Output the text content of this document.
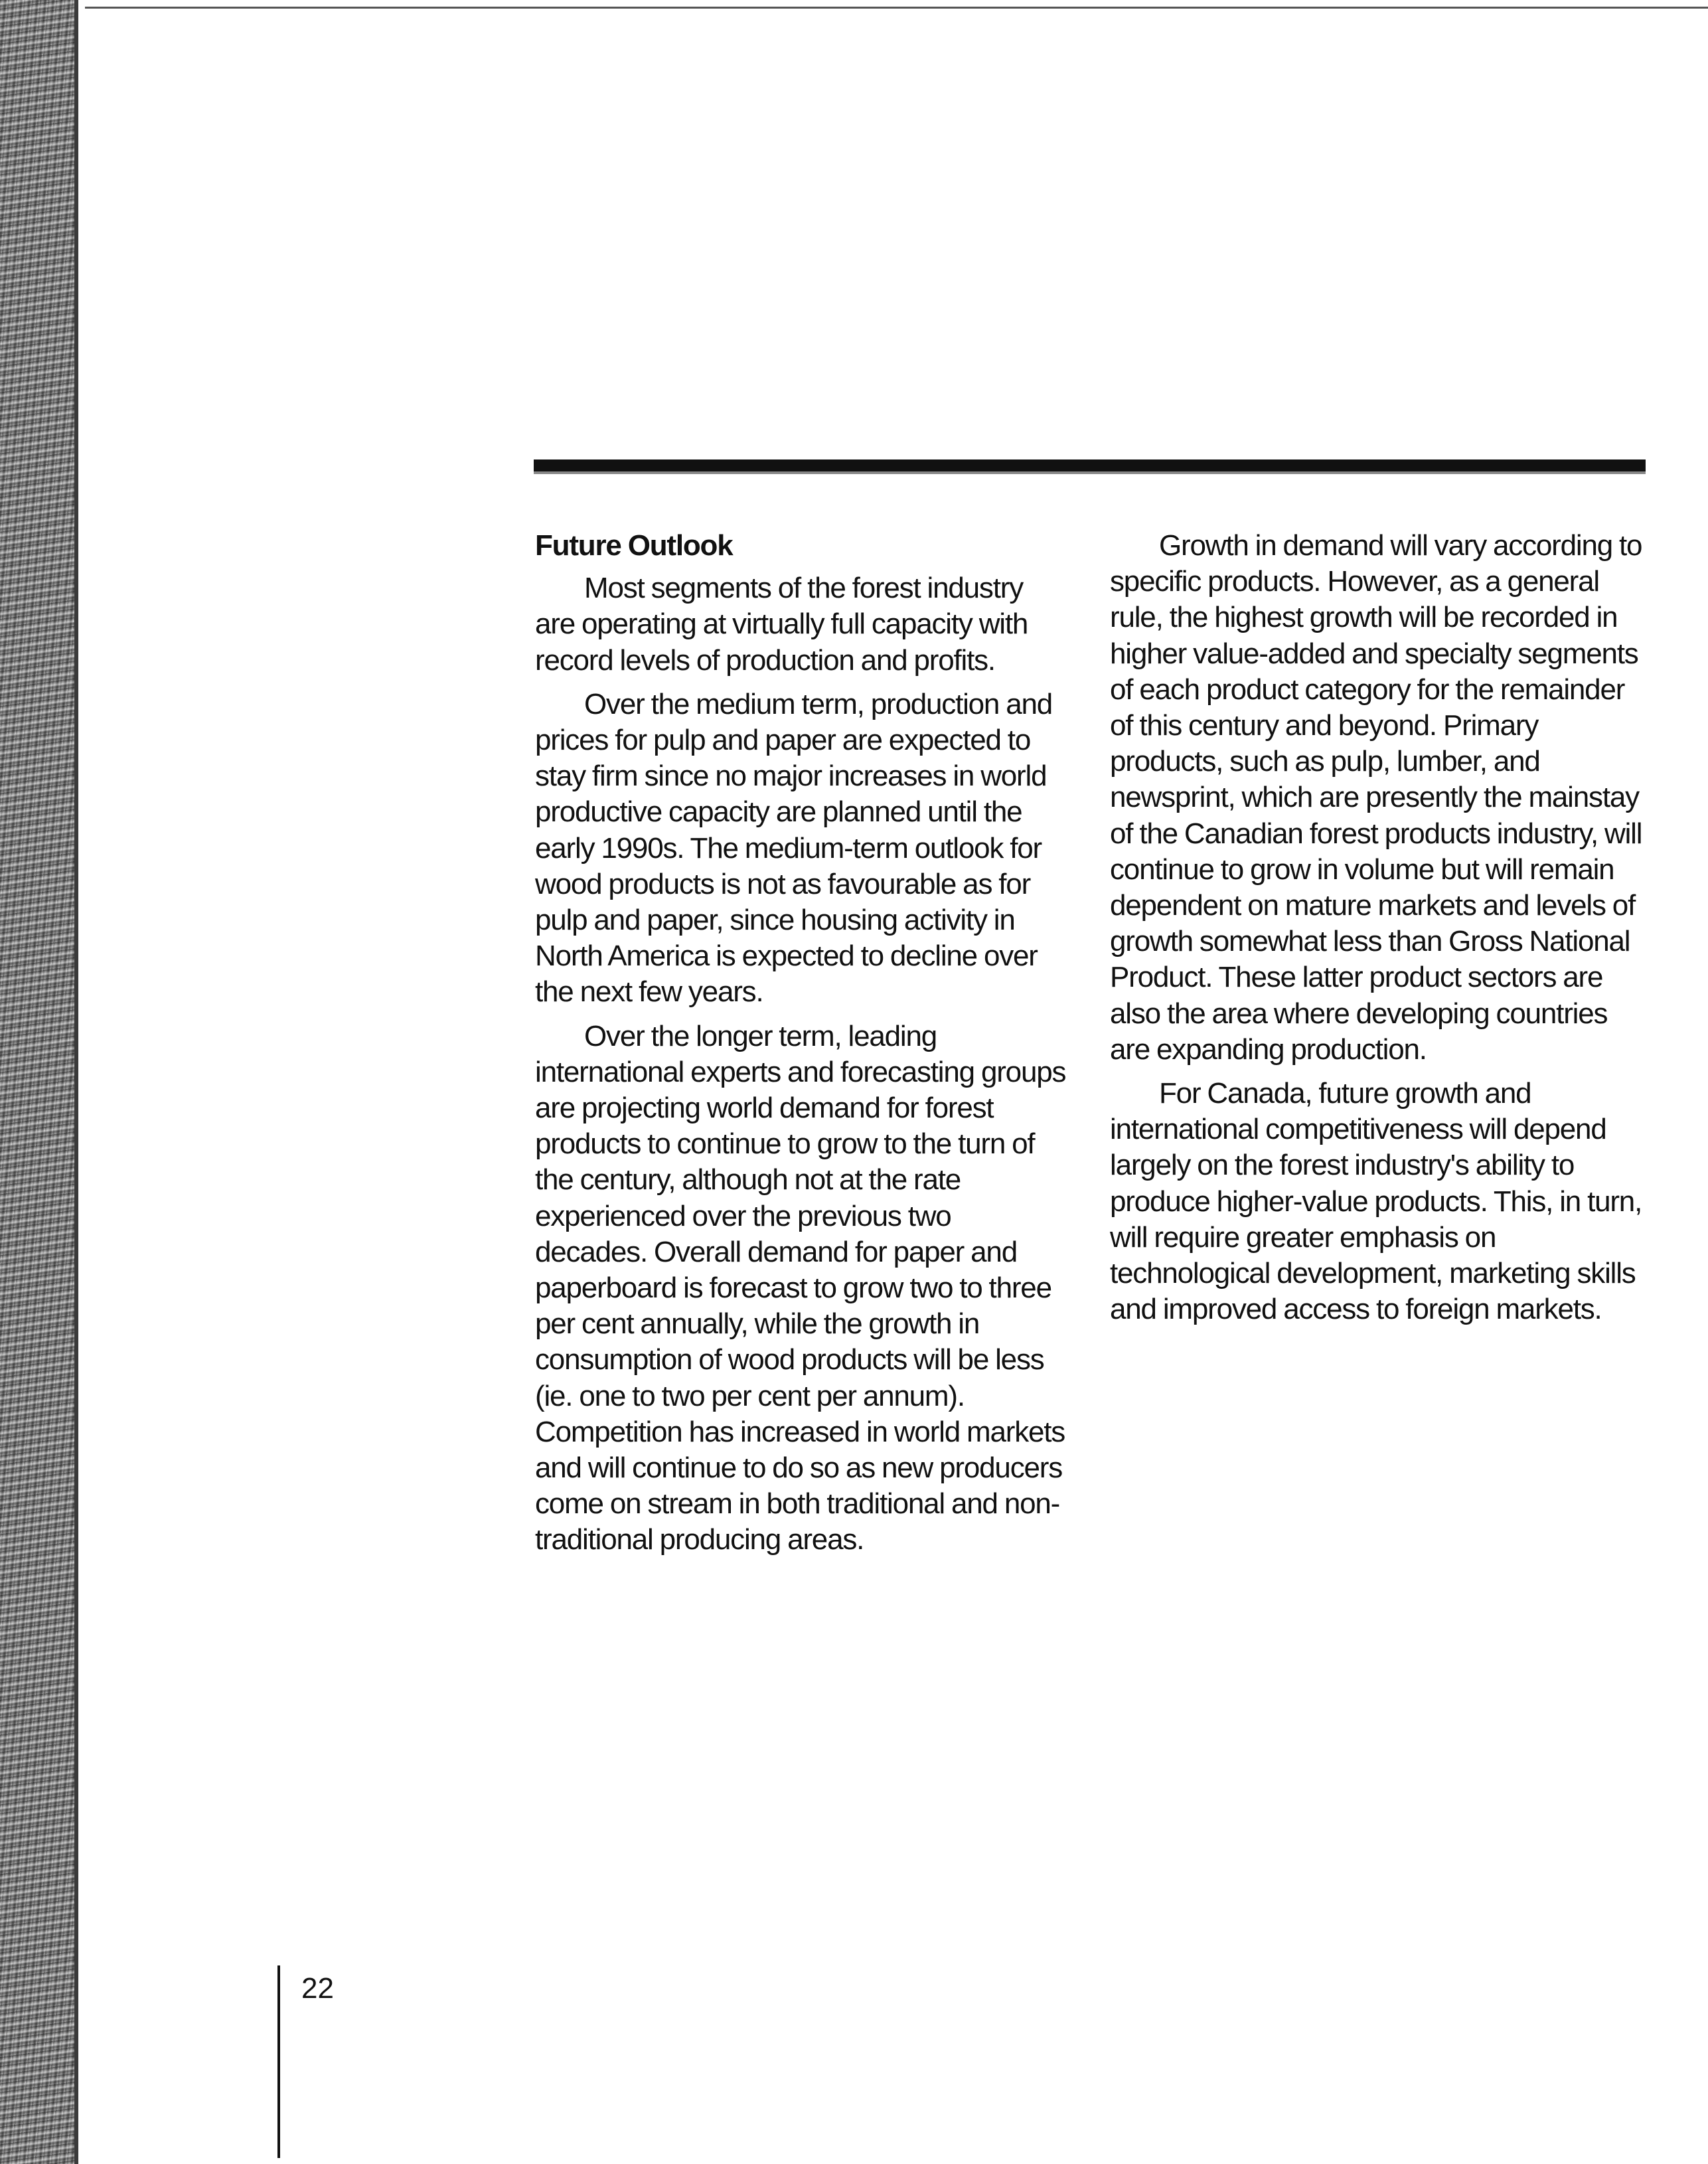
Future Outlook

Most segments of the forest industry are operating at virtually full capacity with record levels of production and profits.

Over the medium term, production and prices for pulp and paper are expected to stay firm since no major increases in world productive capacity are planned until the early 1990s. The medium-term outlook for wood products is not as favourable as for pulp and paper, since housing activity in North America is expected to decline over the next few years.

Over the longer term, leading international experts and forecasting groups are projecting world demand for forest products to continue to grow to the turn of the century, although not at the rate experienced over the previous two decades. Overall demand for paper and paperboard is forecast to grow two to three per cent annually, while the growth in consumption of wood products will be less (ie. one to two per cent per annum). Competition has increased in world markets and will continue to do so as new producers come on stream in both traditional and non-traditional producing areas.

Growth in demand will vary according to specific products. However, as a general rule, the highest growth will be recorded in higher value-added and specialty segments of each product category for the remainder of this century and beyond. Primary products, such as pulp, lumber, and newsprint, which are presently the mainstay of the Canadian forest products industry, will continue to grow in volume but will remain dependent on mature markets and levels of growth somewhat less than Gross National Product. These latter product sectors are also the area where developing countries are expanding production.

For Canada, future growth and international competitiveness will depend largely on the forest industry's ability to produce higher-value products. This, in turn, will require greater emphasis on technological development, marketing skills and improved access to foreign markets.

22
